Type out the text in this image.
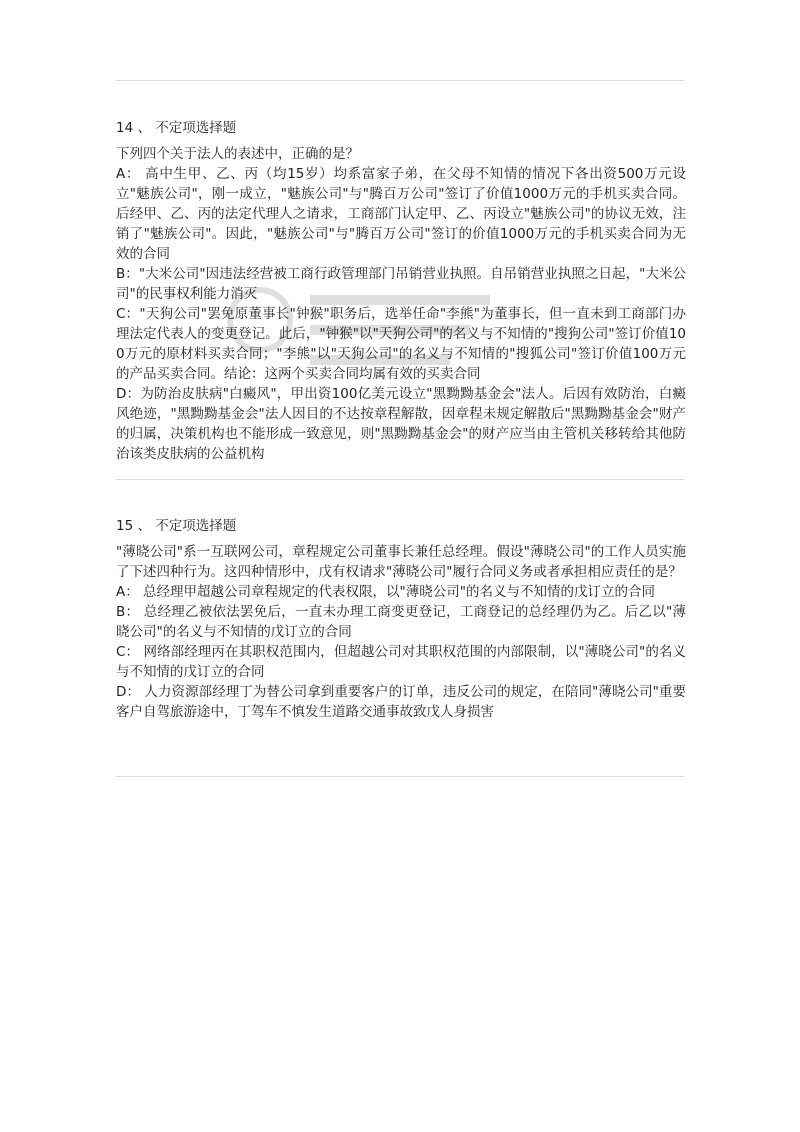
14 、 不定项选择题

下列四个关于法人的表述中，正确的是？

A： 高中生甲、乙、丙（均15岁）均系富家子弟，在父母不知情的情况下各出资500万元设立"魅族公司"，刚一成立，"魅族公司"与"腾百万公司"签订了价值1000万元的手机买卖合同。后经甲、乙、丙的法定代理人之请求，工商部门认定甲、乙、丙设立"魅族公司"的协议无效，注销了"魅族公司"。因此，"魅族公司"与"腾百万公司"签订的价值1000万元的手机买卖合同为无效的合同

B："大米公司"因违法经营被工商行政管理部门吊销营业执照。自吊销营业执照之日起，"大米公司"的民事权利能力消灭

C："天狗公司"罢免原董事长"钟猴"职务后，选举任命"李熊"为董事长，但一直未到工商部门办理法定代表人的变更登记。此后，"钟猴"以"天狗公司"的名义与不知情的"搜狗公司"签订价值100万元的原材料买卖合同；"李熊"以"天狗公司"的名义与不知情的"搜狐公司"签订价值100万元的产品买卖合同。结论：这两个买卖合同均属有效的买卖合同

D：为防治皮肤病"白癜风"，甲出资100亿美元设立"黑黝黝基金会"法人。后因有效防治，白癜风绝迹，"黑黝黝基金会"法人因目的不达按章程解散，因章程未规定解散后"黑黝黝基金会"财产的归属，决策机构也不能形成一致意见，则"黑黝黝基金会"的财产应当由主管机关移转给其他防治该类皮肤病的公益机构

15 、 不定项选择题

"薄晓公司"系一互联网公司，章程规定公司董事长兼任总经理。假设"薄晓公司"的工作人员实施了下述四种行为。这四种情形中，戊有权请求"薄晓公司"履行合同义务或者承担相应责任的是？

A： 总经理甲超越公司章程规定的代表权限，以"薄晓公司"的名义与不知情的戊订立的合同

B： 总经理乙被依法罢免后，一直未办理工商变更登记，工商登记的总经理仍为乙。后乙以"薄晓公司"的名义与不知情的戊订立的合同

C： 网络部经理丙在其职权范围内，但超越公司对其职权范围的内部限制，以"薄晓公司"的名义与不知情的戊订立的合同

D： 人力资源部经理丁为替公司拿到重要客户的订单，违反公司的规定，在陪同"薄晓公司"重要客户自驾旅游途中，丁驾车不慎发生道路交通事故致戊人身损害
